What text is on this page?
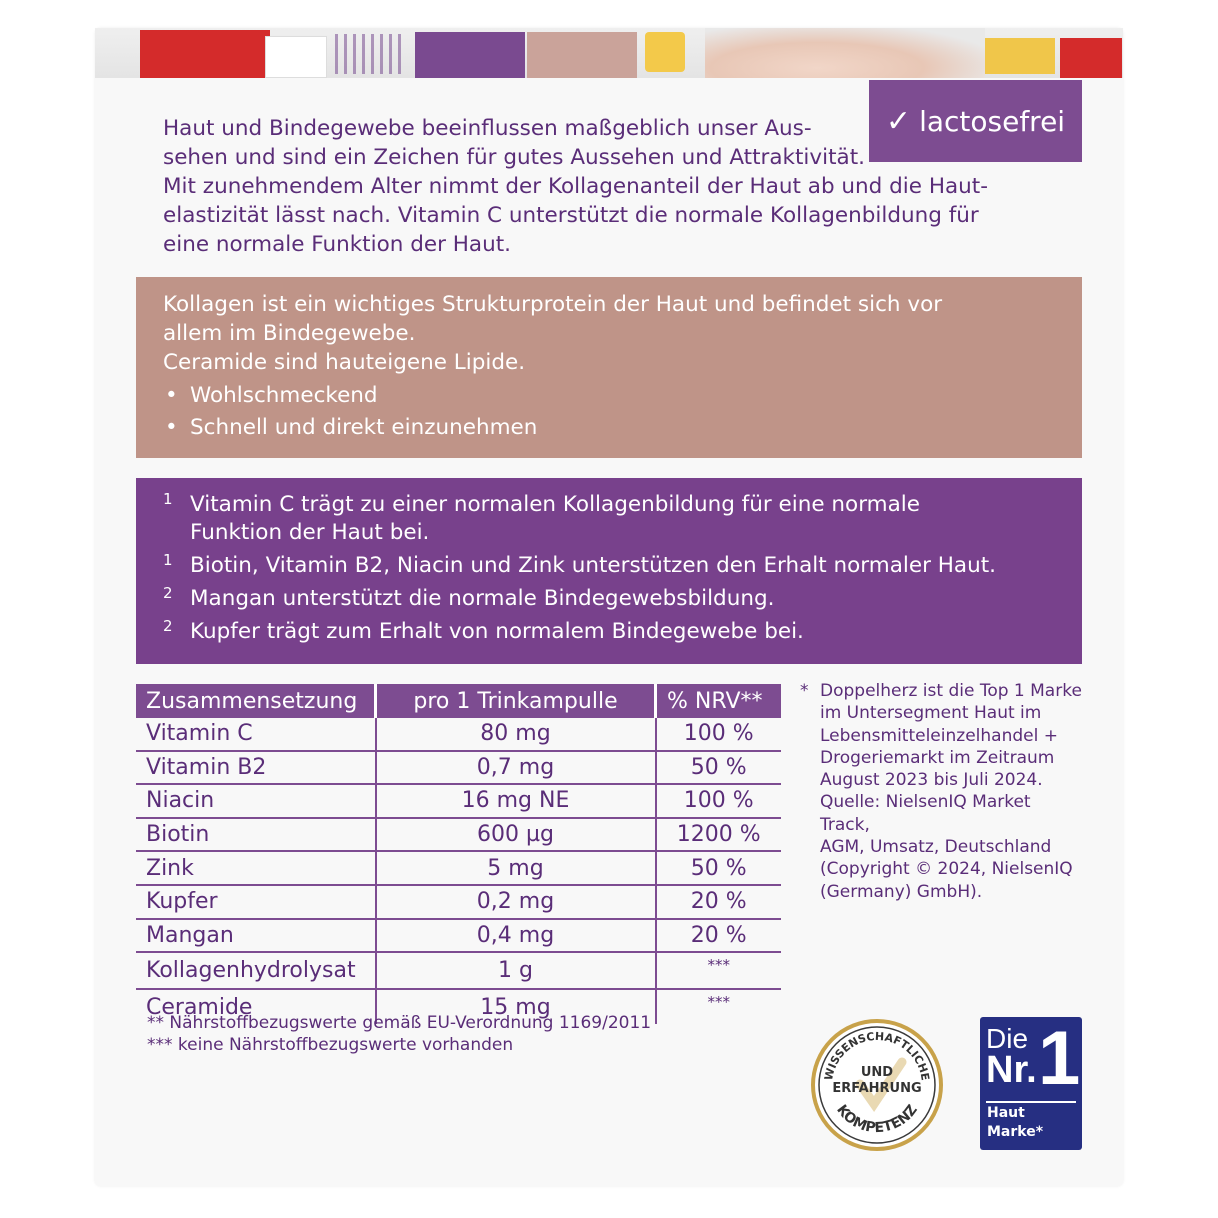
Haut und Bindegewebe beeinflussen maßgeblich unser Aus-

sehen und sind ein Zeichen für gutes Aussehen und Attraktivität.

Mit zunehmendem Alter nimmt der Kollagenanteil der Haut ab und die Haut-

elastizität lässt nach. Vitamin C unterstützt die normale Kollagenbildung für

eine normale Funktion der Haut.

✓ lactosefrei

Kollagen ist ein wichtiges Strukturprotein der Haut und befindet sich vor

allem im Bindegewebe.

Ceramide sind hauteigene Lipide.

• Wohlschmeckend
• Schnell und direkt einzunehmen
1 Vitamin C trägt zu einer normalen Kollagenbildung für eine normale
Funktion der Haut bei.
1 Biotin, Vitamin B2, Niacin und Zink unterstützen den Erhalt normaler Haut.
2 Mangan unterstützt die normale Bindegewebsbildung.
2 Kupfer trägt zum Erhalt von normalem Bindegewebe bei.
Zusammensetzung	pro 1 Trinkampulle	% NRV**
Vitamin C	80 mg	100 %
Vitamin B2	0,7 mg	50 %
Niacin	16 mg NE	100 %
Biotin	600 µg	1200 %
Zink	5 mg	50 %
Kupfer	0,2 mg	20 %
Mangan	0,4 mg	20 %
Kollagenhydrolysat	1 g	***
Ceramide	15 mg	***
** Nährstoffbezugswerte gemäß EU-Verordnung 1169/2011
*** keine Nährstoffbezugswerte vorhanden
* Doppelherz ist die Top 1 Marke
im Untersegment Haut im
Lebensmitteleinzelhandel +
Drogeriemarkt im Zeitraum
August 2023 bis Juli 2024.
Quelle: NielsenIQ Market Track,
AGM, Umsatz, Deutschland
(Copyright © 2024, NielsenIQ
(Germany) GmbH).
WISSENSCHAFTLICHE
UND
ERFAHRUNG
KOMPETENZ
Die
Nr. 1
Haut
Marke*
